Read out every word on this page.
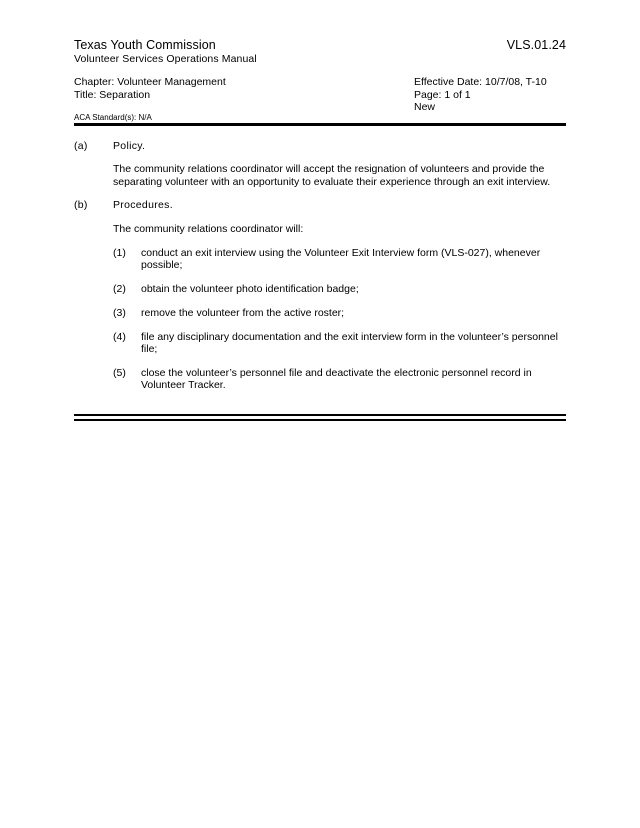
Texas Youth Commission	VLS.01.24
Volunteer Services Operations Manual
Chapter: Volunteer Management
Title: Separation
Effective Date: 10/7/08, T-10
Page: 1 of 1
New
ACA Standard(s): N/A
(a) Policy.
The community relations coordinator will accept the resignation of volunteers and provide the
separating volunteer with an opportunity to evaluate their experience through an exit interview.
(b) Procedures.
The community relations coordinator will:
(1) conduct an exit interview using the Volunteer Exit Interview form (VLS-027), whenever
possible;
(2) obtain the volunteer photo identification badge;
(3) remove the volunteer from the active roster;
(4) file any disciplinary documentation and the exit interview form in the volunteer’s personnel
file;
(5) close the volunteer’s personnel file and deactivate the electronic personnel record in
Volunteer Tracker.
